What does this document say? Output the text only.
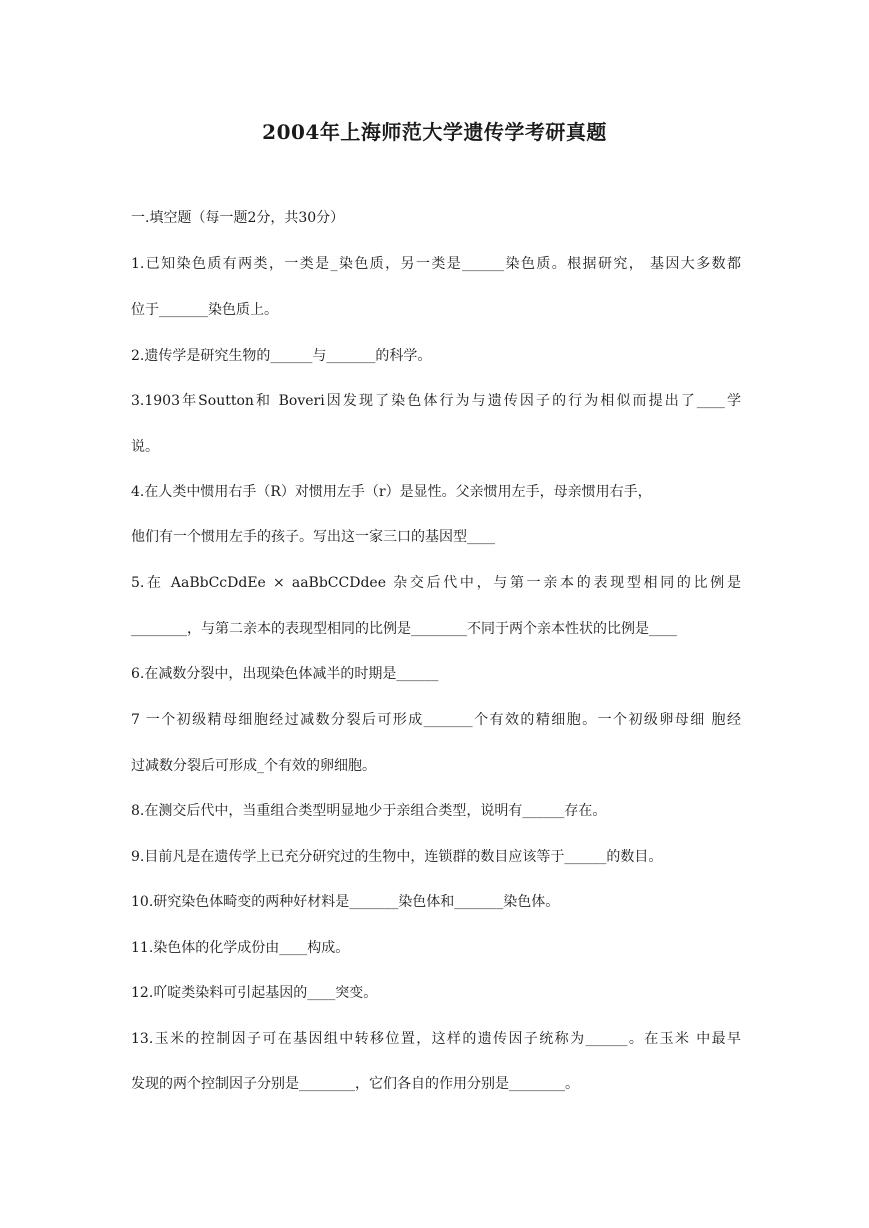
2004年上海师范大学遗传学考研真题

一.填空题（每一题2分，共30分）

1.已知染色质有两类，一类是_染色质，另一类是______染色质。根据研究， 基因大多数都

位于_______染色质上。

2.遗传学是研究生物的______与_______的科学。

3.1903年Soutton和 Boveri因发现了染色体行为与遗传因子的行为相似而提出了____学

说。

4.在人类中惯用右手（R）对惯用左手（r）是显性。父亲惯用左手，母亲惯用右手，

他们有一个惯用左手的孩子。写出这一家三口的基因型____

5.在 AaBbCcDdEe × aaBbCCDdee 杂交后代中，与第一亲本的表现型相同的比例是

________，与第二亲本的表现型相同的比例是________不同于两个亲本性状的比例是____

6.在减数分裂中，出现染色体减半的时期是______

7 一个初级精母细胞经过减数分裂后可形成_______个有效的精细胞。一个初级卵母细 胞经

过减数分裂后可形成_个有效的卵细胞。

8.在测交后代中，当重组合类型明显地少于亲组合类型，说明有______存在。

9.目前凡是在遗传学上已充分研究过的生物中，连锁群的数目应该等于______的数目。

10.研究染色体畸变的两种好材料是_______染色体和_______染色体。

11.染色体的化学成份由____构成。

12.吖啶类染料可引起基因的____突变。

13.玉米的控制因子可在基因组中转移位置，这样的遗传因子统称为______。在玉米 中最早

发现的两个控制因子分别是________，它们各自的作用分别是________。
